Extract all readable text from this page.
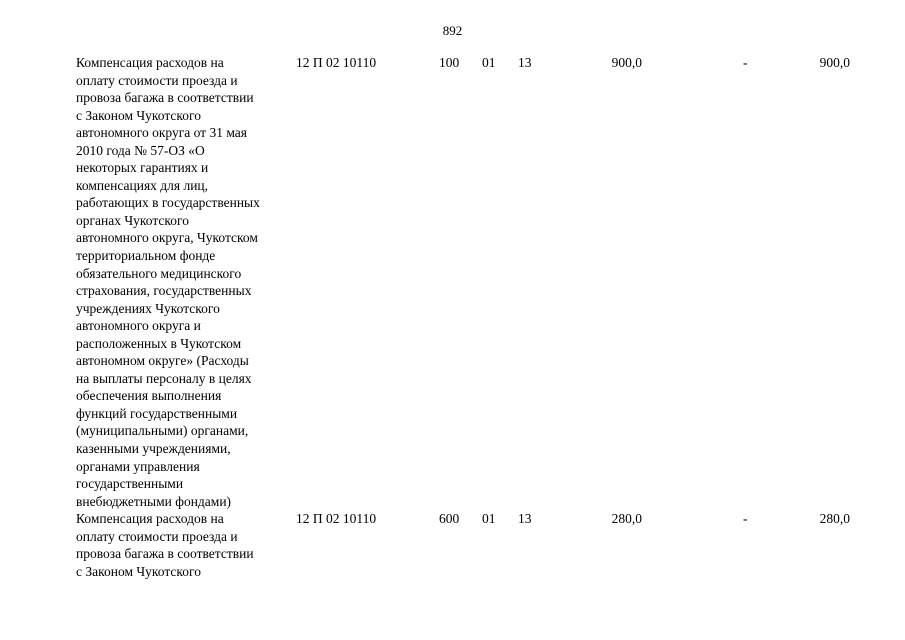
892
Компенсация расходов на
оплату стоимости проезда и
провоза багажа в соответствии
с Законом Чукотского
автономного округа от 31 мая
2010 года № 57-ОЗ «О
некоторых гарантиях и
компенсациях для лиц,
работающих в государственных
органах Чукотского
автономного округа, Чукотском
территориальном фонде
обязательного медицинского
страхования, государственных
учреждениях Чукотского
автономного округа и
расположенных в Чукотском
автономном округе» (Расходы
на выплаты персоналу в целях
обеспечения выполнения
функций государственными
(муниципальными) органами,
казенными учреждениями,
органами управления
государственными
внебюджетными фондами)
12 П 02 10110	100 01 13	900,0	-	900,0
Компенсация расходов на
оплату стоимости проезда и
провоза багажа в соответствии
с Законом Чукотского
12 П 02 10110	600 01 13	280,0	-	280,0
